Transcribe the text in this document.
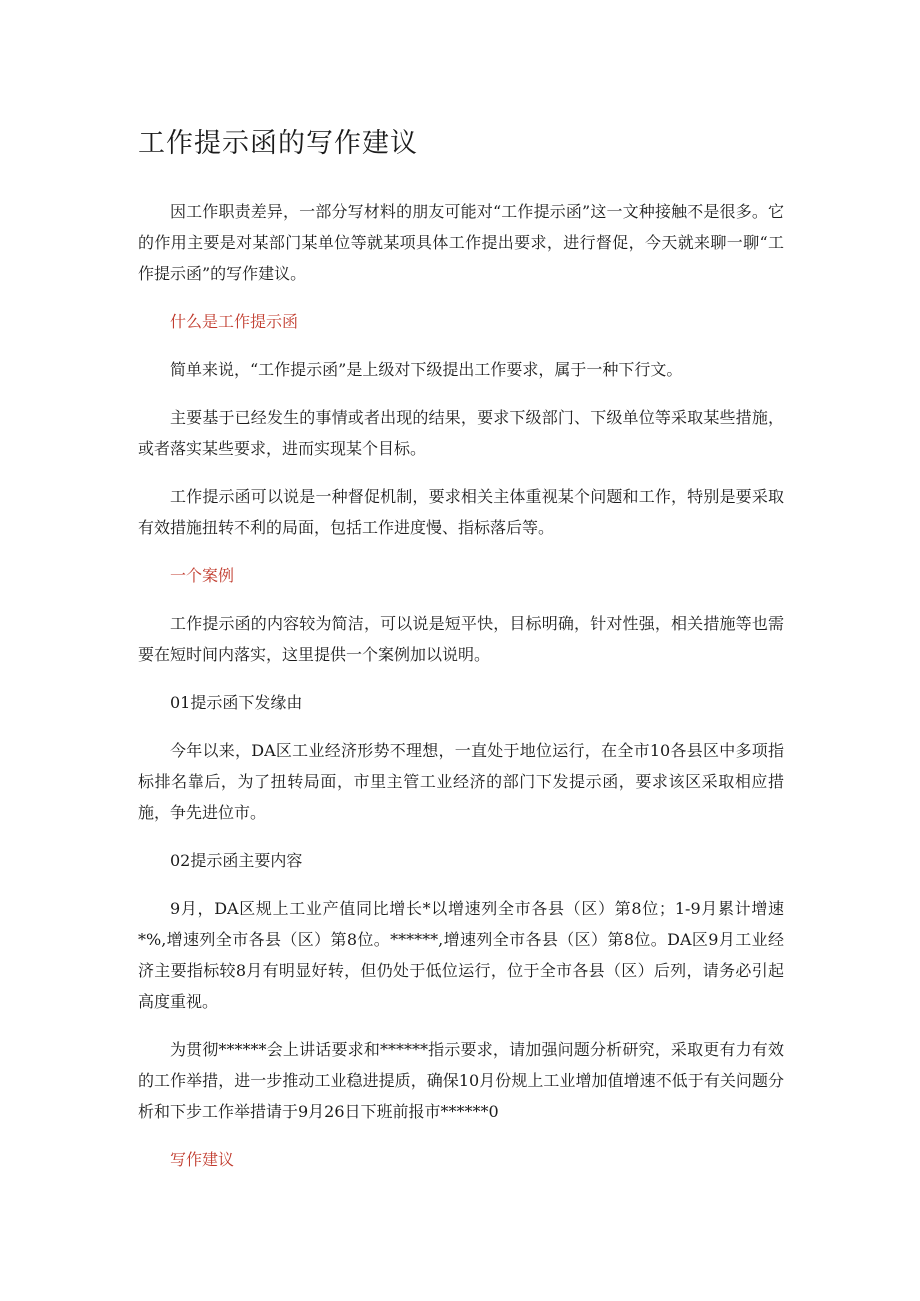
工作提示函的写作建议

因工作职责差异，一部分写材料的朋友可能对“工作提示函”这一文种接触不是很多。它的作用主要是对某部门某单位等就某项具体工作提出要求，进行督促，今天就来聊一聊“工作提示函”的写作建议。

什么是工作提示函

简单来说，“工作提示函”是上级对下级提出工作要求，属于一种下行文。

主要基于已经发生的事情或者出现的结果，要求下级部门、下级单位等采取某些措施，或者落实某些要求，进而实现某个目标。

工作提示函可以说是一种督促机制，要求相关主体重视某个问题和工作，特别是要采取有效措施扭转不利的局面，包括工作进度慢、指标落后等。

一个案例

工作提示函的内容较为简洁，可以说是短平快，目标明确，针对性强，相关措施等也需要在短时间内落实，这里提供一个案例加以说明。

01提示函下发缘由

今年以来，DA区工业经济形势不理想，一直处于地位运行，在全市10各县区中多项指标排名靠后，为了扭转局面，市里主管工业经济的部门下发提示函，要求该区采取相应措施，争先进位市。

02提示函主要内容

9月，DA区规上工业产值同比增长*以增速列全市各县（区）第8位；1-9月累计增速*%,增速列全市各县（区）第8位。******,增速列全市各县（区）第8位。DA区9月工业经济主要指标较8月有明显好转，但仍处于低位运行，位于全市各县（区）后列，请务必引起高度重视。

为贯彻******会上讲话要求和******指示要求，请加强问题分析研究，采取更有力有效的工作举措，进一步推动工业稳进提质，确保10月份规上工业增加值增速不低于有关问题分析和下步工作举措请于9月26日下班前报市******0

写作建议
